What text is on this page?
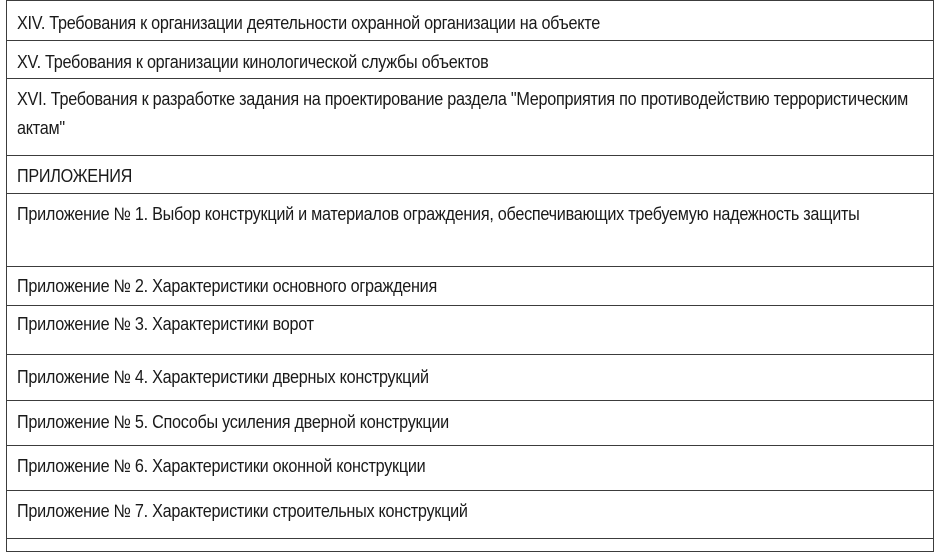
XIV. Требования к организации деятельности охранной организации на объекте

XV. Требования к организации кинологической службы объектов

XVI. Требования к разработке задания на проектирование раздела "Мероприятия по противодействию террористическим актам"

ПРИЛОЖЕНИЯ

Приложение № 1. Выбор конструкций и материалов ограждения, обеспечивающих требуемую надежность защиты

Приложение № 2. Характеристики основного ограждения

Приложение № 3. Характеристики ворот

Приложение № 4. Характеристики дверных конструкций

Приложение № 5. Способы усиления дверной конструкции

Приложение № 6. Характеристики оконной конструкции

Приложение № 7. Характеристики строительных конструкций
